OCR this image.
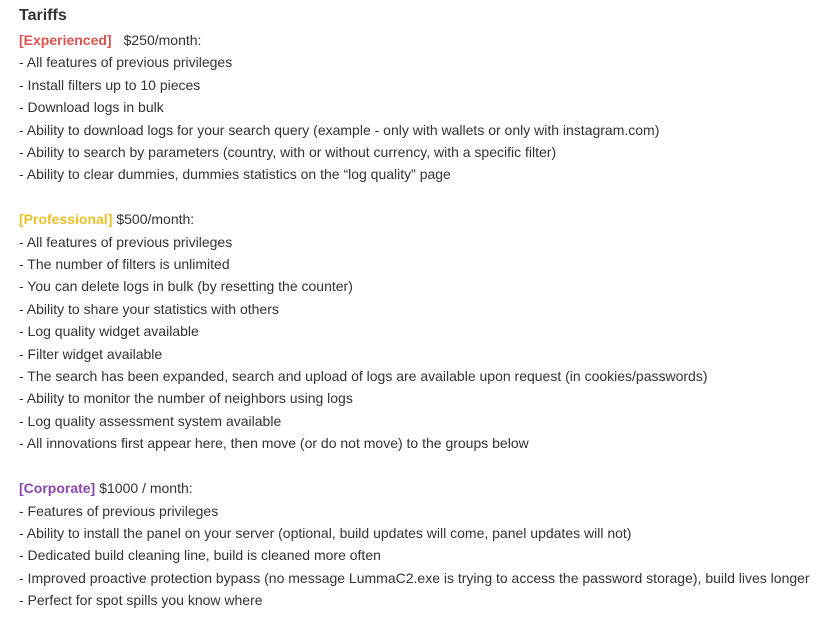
Tariffs
[Experienced] $250/month:
- All features of previous privileges
- Install filters up to 10 pieces
- Download logs in bulk
- Ability to download logs for your search query (example - only with wallets or only with instagram.com)
- Ability to search by parameters (country, with or without currency, with a specific filter)
- Ability to clear dummies, dummies statistics on the “log quality” page
[Professional] $500/month:
- All features of previous privileges
- The number of filters is unlimited
- You can delete logs in bulk (by resetting the counter)
- Ability to share your statistics with others
- Log quality widget available
- Filter widget available
- The search has been expanded, search and upload of logs are available upon request (in cookies/passwords)
- Ability to monitor the number of neighbors using logs
- Log quality assessment system available
- All innovations first appear here, then move (or do not move) to the groups below
[Corporate] $1000 / month:
- Features of previous privileges
- Ability to install the panel on your server (optional, build updates will come, panel updates will not)
- Dedicated build cleaning line, build is cleaned more often
- Improved proactive protection bypass (no message LummaC2.exe is trying to access the password storage), build lives longer
- Perfect for spot spills you know where
